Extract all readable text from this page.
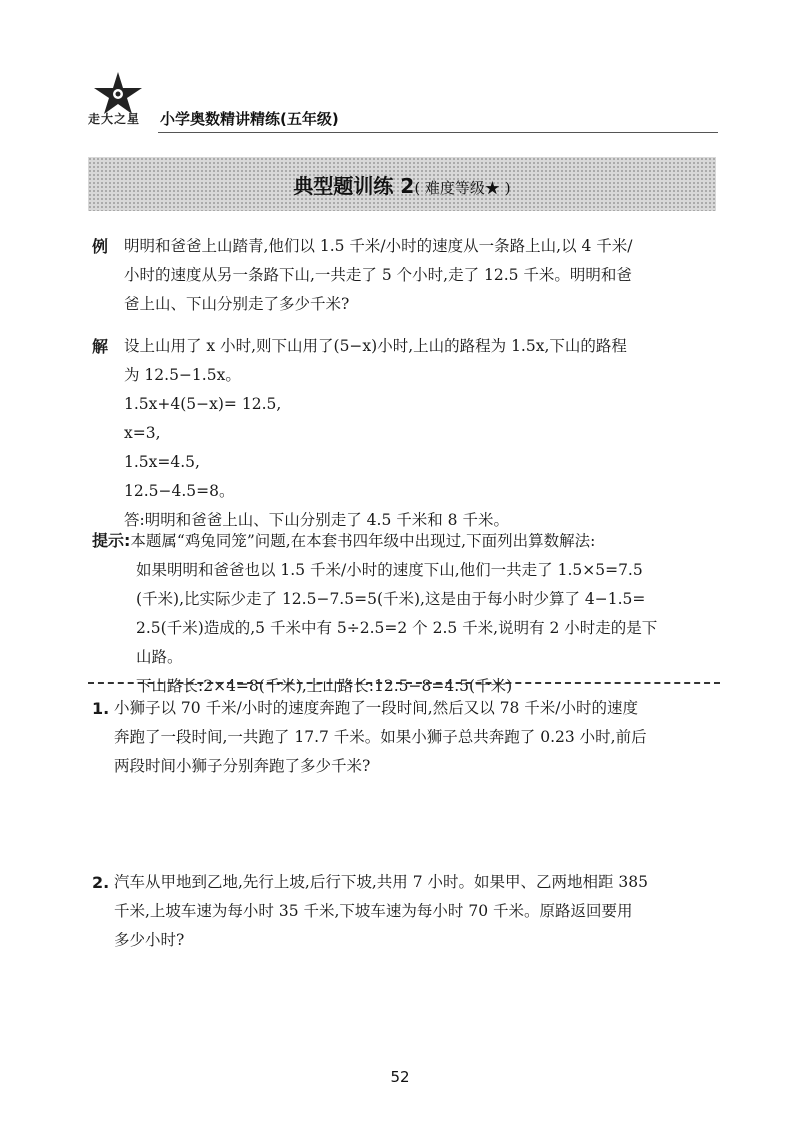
走大之星 小学奥数精讲精练(五年级)
典型题训练 2( 难度等级★ )
例 明明和爸爸上山踏青,他们以 1.5 千米/小时的速度从一条路上山,以 4 千米/
小时的速度从另一条路下山,一共走了 5 个小时,走了 12.5 千米。明明和爸
爸上山、下山分别走了多少千米?
解 设上山用了 x 小时,则下山用了(5−x)小时,上山的路程为 1.5x,下山的路程
为 12.5−1.5x。
1.5x+4(5−x)= 12.5,
x=3,
1.5x=4.5,
12.5−4.5=8。
答:明明和爸爸上山、下山分别走了 4.5 千米和 8 千米。
提示:本题属“鸡兔同笼”问题,在本套书四年级中出现过,下面列出算数解法:
如果明明和爸爸也以 1.5 千米/小时的速度下山,他们一共走了 1.5×5=7.5
(千米),比实际少走了 12.5−7.5=5(千米),这是由于每小时少算了 4−1.5=
2.5(千米)造成的,5 千米中有 5÷2.5=2 个 2.5 千米,说明有 2 小时走的是下
山路。
下山路长:2×4=8(千米),上山路长:12.5−8=4.5(千米)
1. 小狮子以 70 千米/小时的速度奔跑了一段时间,然后又以 78 千米/小时的速度
奔跑了一段时间,一共跑了 17.7 千米。如果小狮子总共奔跑了 0.23 小时,前后
两段时间小狮子分别奔跑了多少千米?
2. 汽车从甲地到乙地,先行上坡,后行下坡,共用 7 小时。如果甲、乙两地相距 385
千米,上坡车速为每小时 35 千米,下坡车速为每小时 70 千米。原路返回要用
多少小时?
52
